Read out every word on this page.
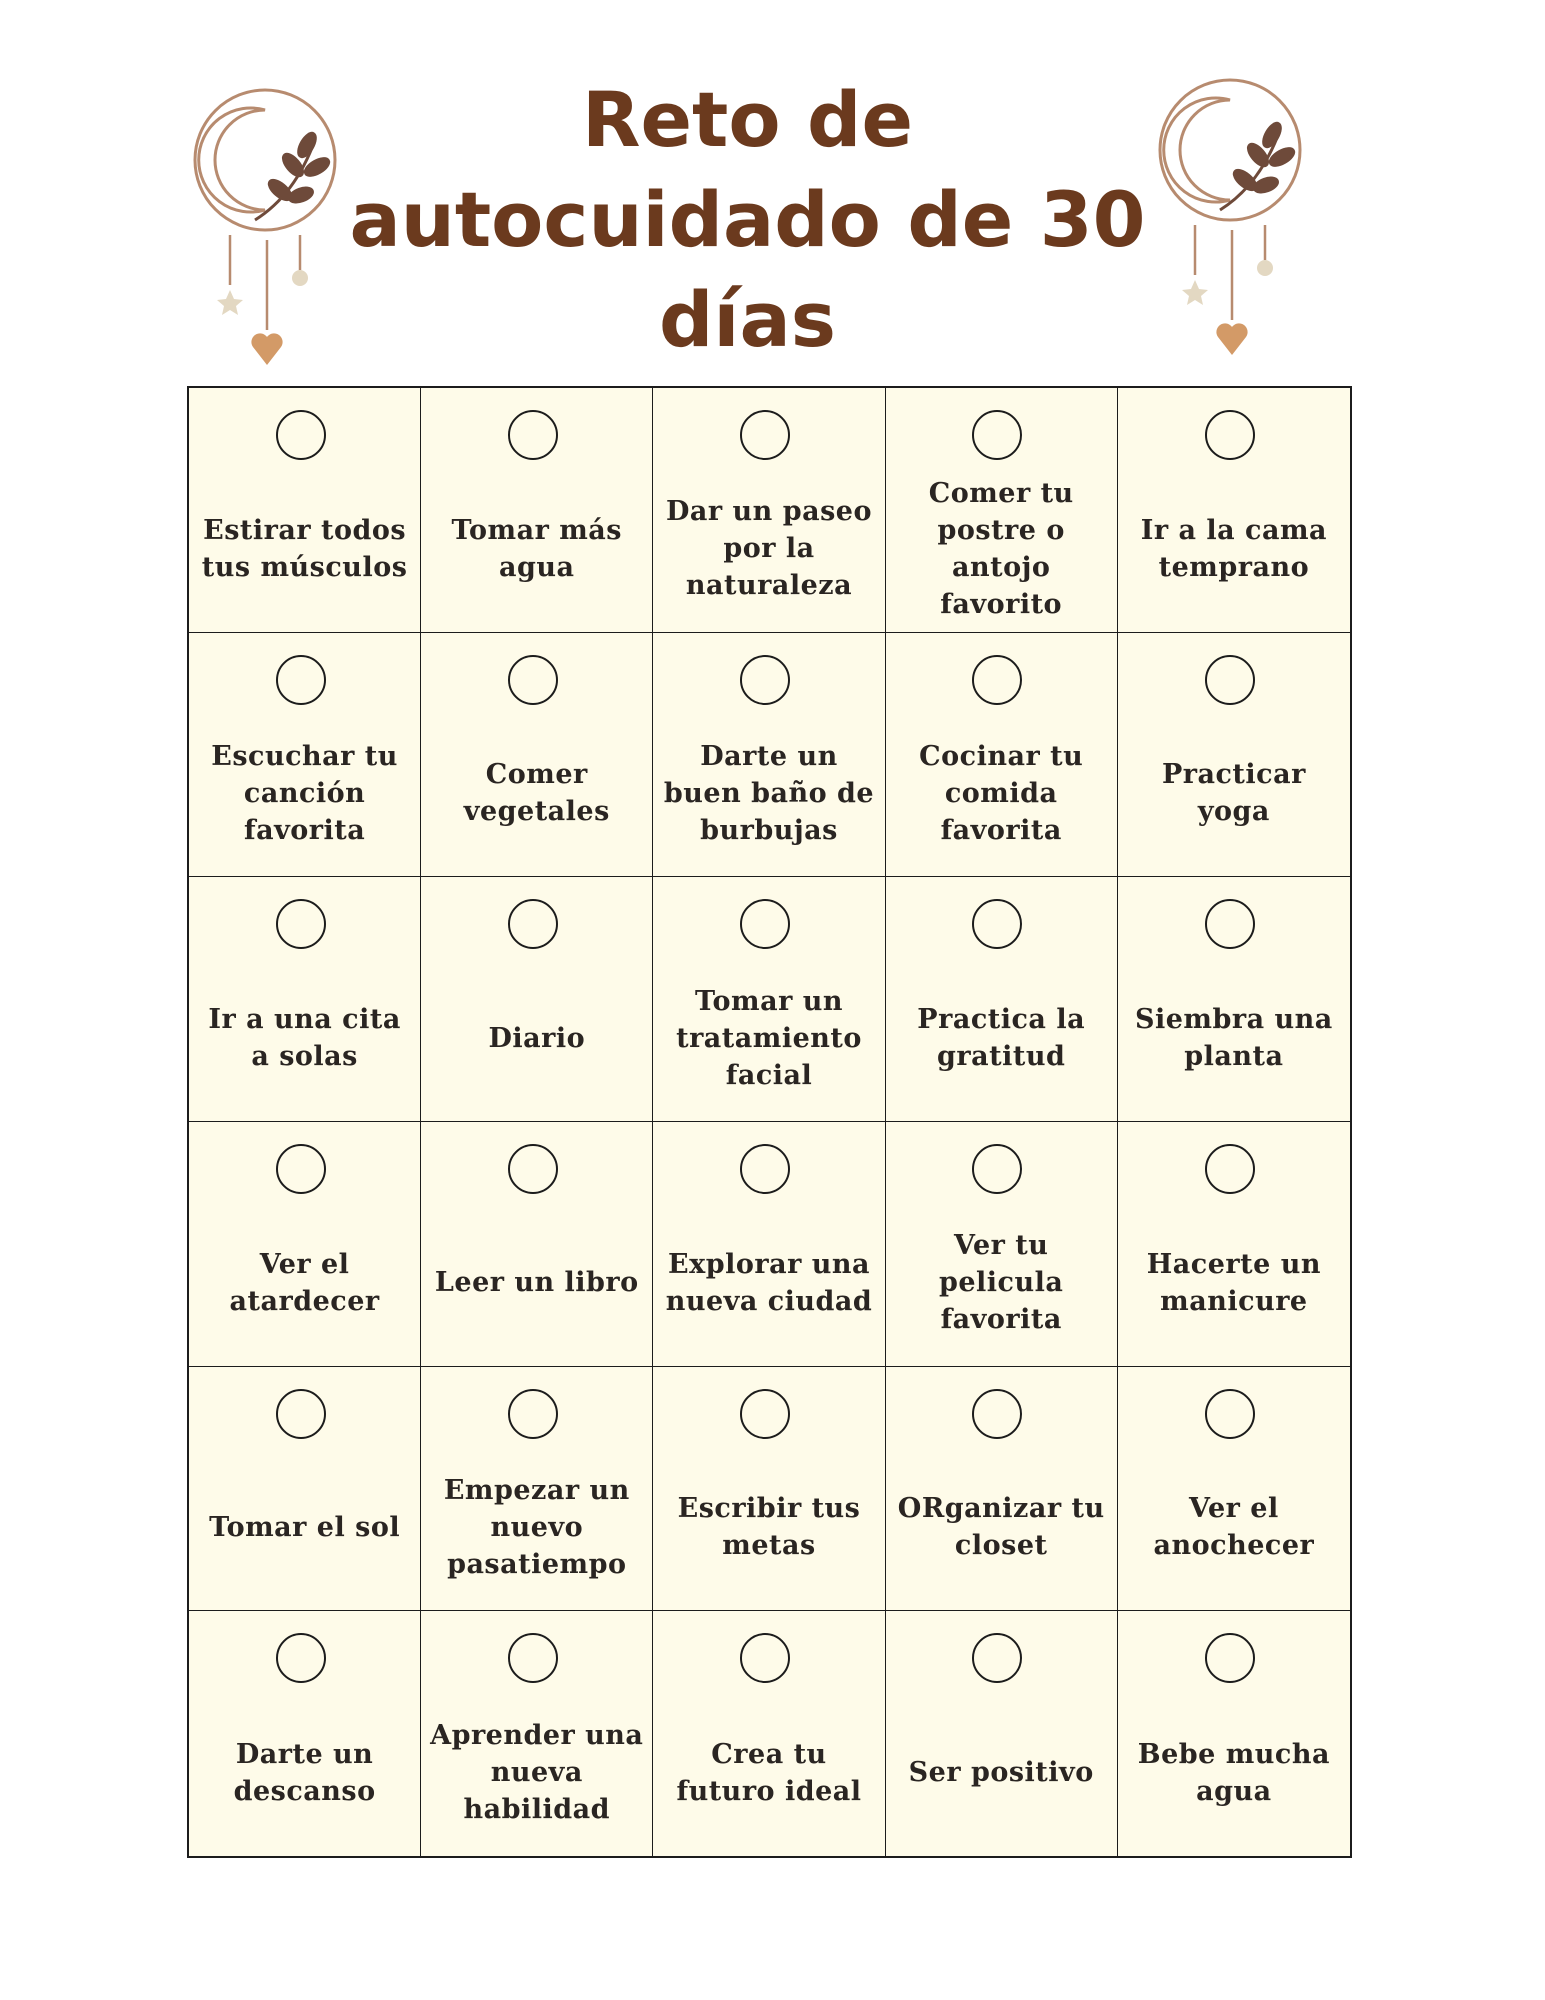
Reto de
autocuidado de 30
días
Estirar todos tus músculos
Tomar más agua
Dar un paseo por la naturaleza
Comer tu postre o antojo favorito
Ir a la cama temprano
Escuchar tu canción favorita
Comer vegetales
Darte un buen baño de burbujas
Cocinar tu comida favorita
Practicar yoga
Ir a una cita a solas
Diario
Tomar un tratamiento facial
Practica la gratitud
Siembra una planta
Ver el atardecer
Leer un libro
Explorar una nueva ciudad
Ver tu pelicula favorita
Hacerte un manicure
Tomar el sol
Empezar un nuevo pasatiempo
Escribir tus metas
ORganizar tu closet
Ver el anochecer
Darte un descanso
Aprender una nueva habilidad
Crea tu futuro ideal
Ser positivo
Bebe mucha agua
